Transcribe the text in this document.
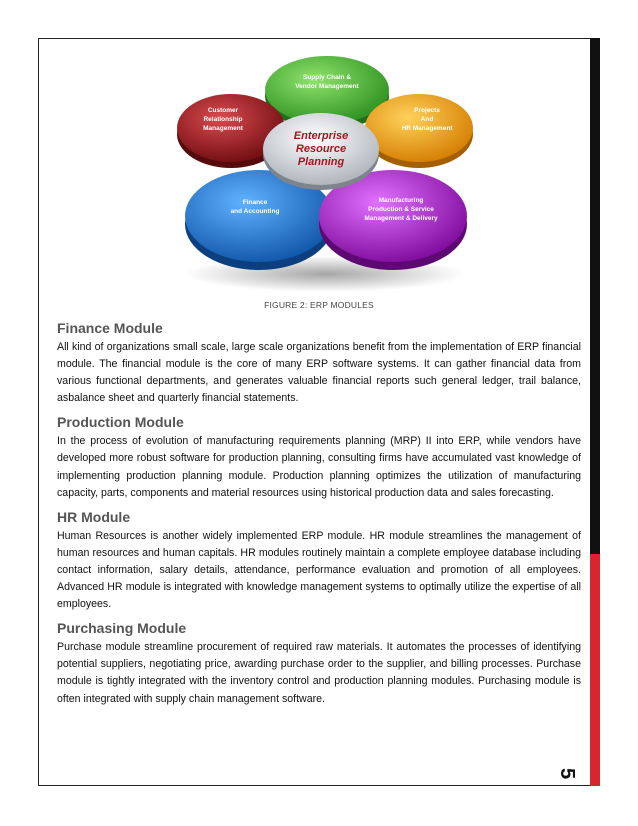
Supply Chain &
Vendor Management
Customer
Relationship
Management
Projects
And
HR Management
Finance
and Accounting
Manufacturing
Production & Service
Management & Delivery
Enterprise
Resource
Planning
FIGURE 2: ERP MODULES
Finance Module

All kind of organizations small scale, large scale organizations benefit from the implementation of ERP financial module. The financial module is the core of many ERP software systems. It can gather financial data from various functional departments, and generates valuable financial reports such general ledger, trail balance, asbalance sheet and quarterly financial statements.

Production Module

In the process of evolution of manufacturing requirements planning (MRP) II into ERP, while vendors have developed more robust software for production planning, consulting firms have accumulated vast knowledge of implementing production planning module. Production planning optimizes the utilization of manufacturing capacity, parts, components and material resources using historical production data and sales forecasting.

HR Module

Human Resources is another widely implemented ERP module. HR module streamlines the management of human resources and human capitals. HR modules routinely maintain a complete employee database including contact information, salary details, attendance, performance evaluation and promotion of all employees. Advanced HR module is integrated with knowledge management systems to optimally utilize the expertise of all employees.

Purchasing Module

Purchase module streamline procurement of required raw materials. It automates the processes of identifying potential suppliers, negotiating price, awarding purchase order to the supplier, and billing processes. Purchase module is tightly integrated with the inventory control and production planning modules. Purchasing module is often integrated with supply chain management software.

5
